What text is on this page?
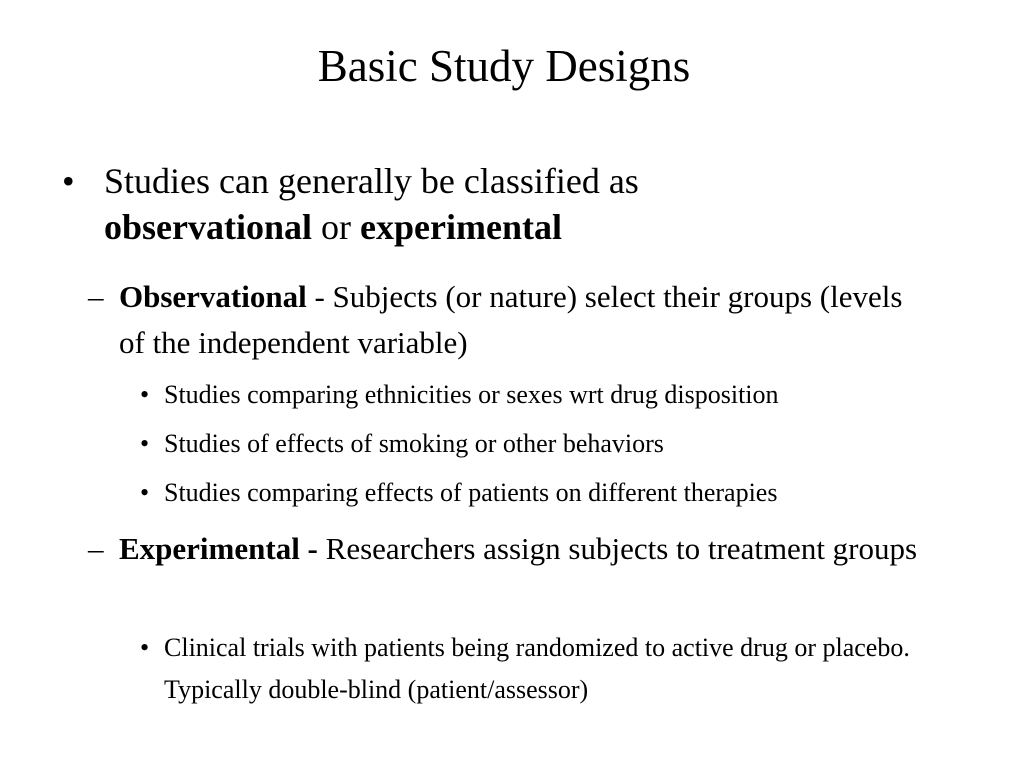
Basic Study Designs
• Studies can generally be classified as observational or experimental
– Observational - Subjects (or nature) select their groups (levels of the independent variable)
• Studies comparing ethnicities or sexes wrt drug disposition
• Studies of effects of smoking or other behaviors
• Studies comparing effects of patients on different therapies
– Experimental - Researchers assign subjects to treatment groups
• Clinical trials with patients being randomized to active drug or placebo. Typically double-blind (patient/assessor)
